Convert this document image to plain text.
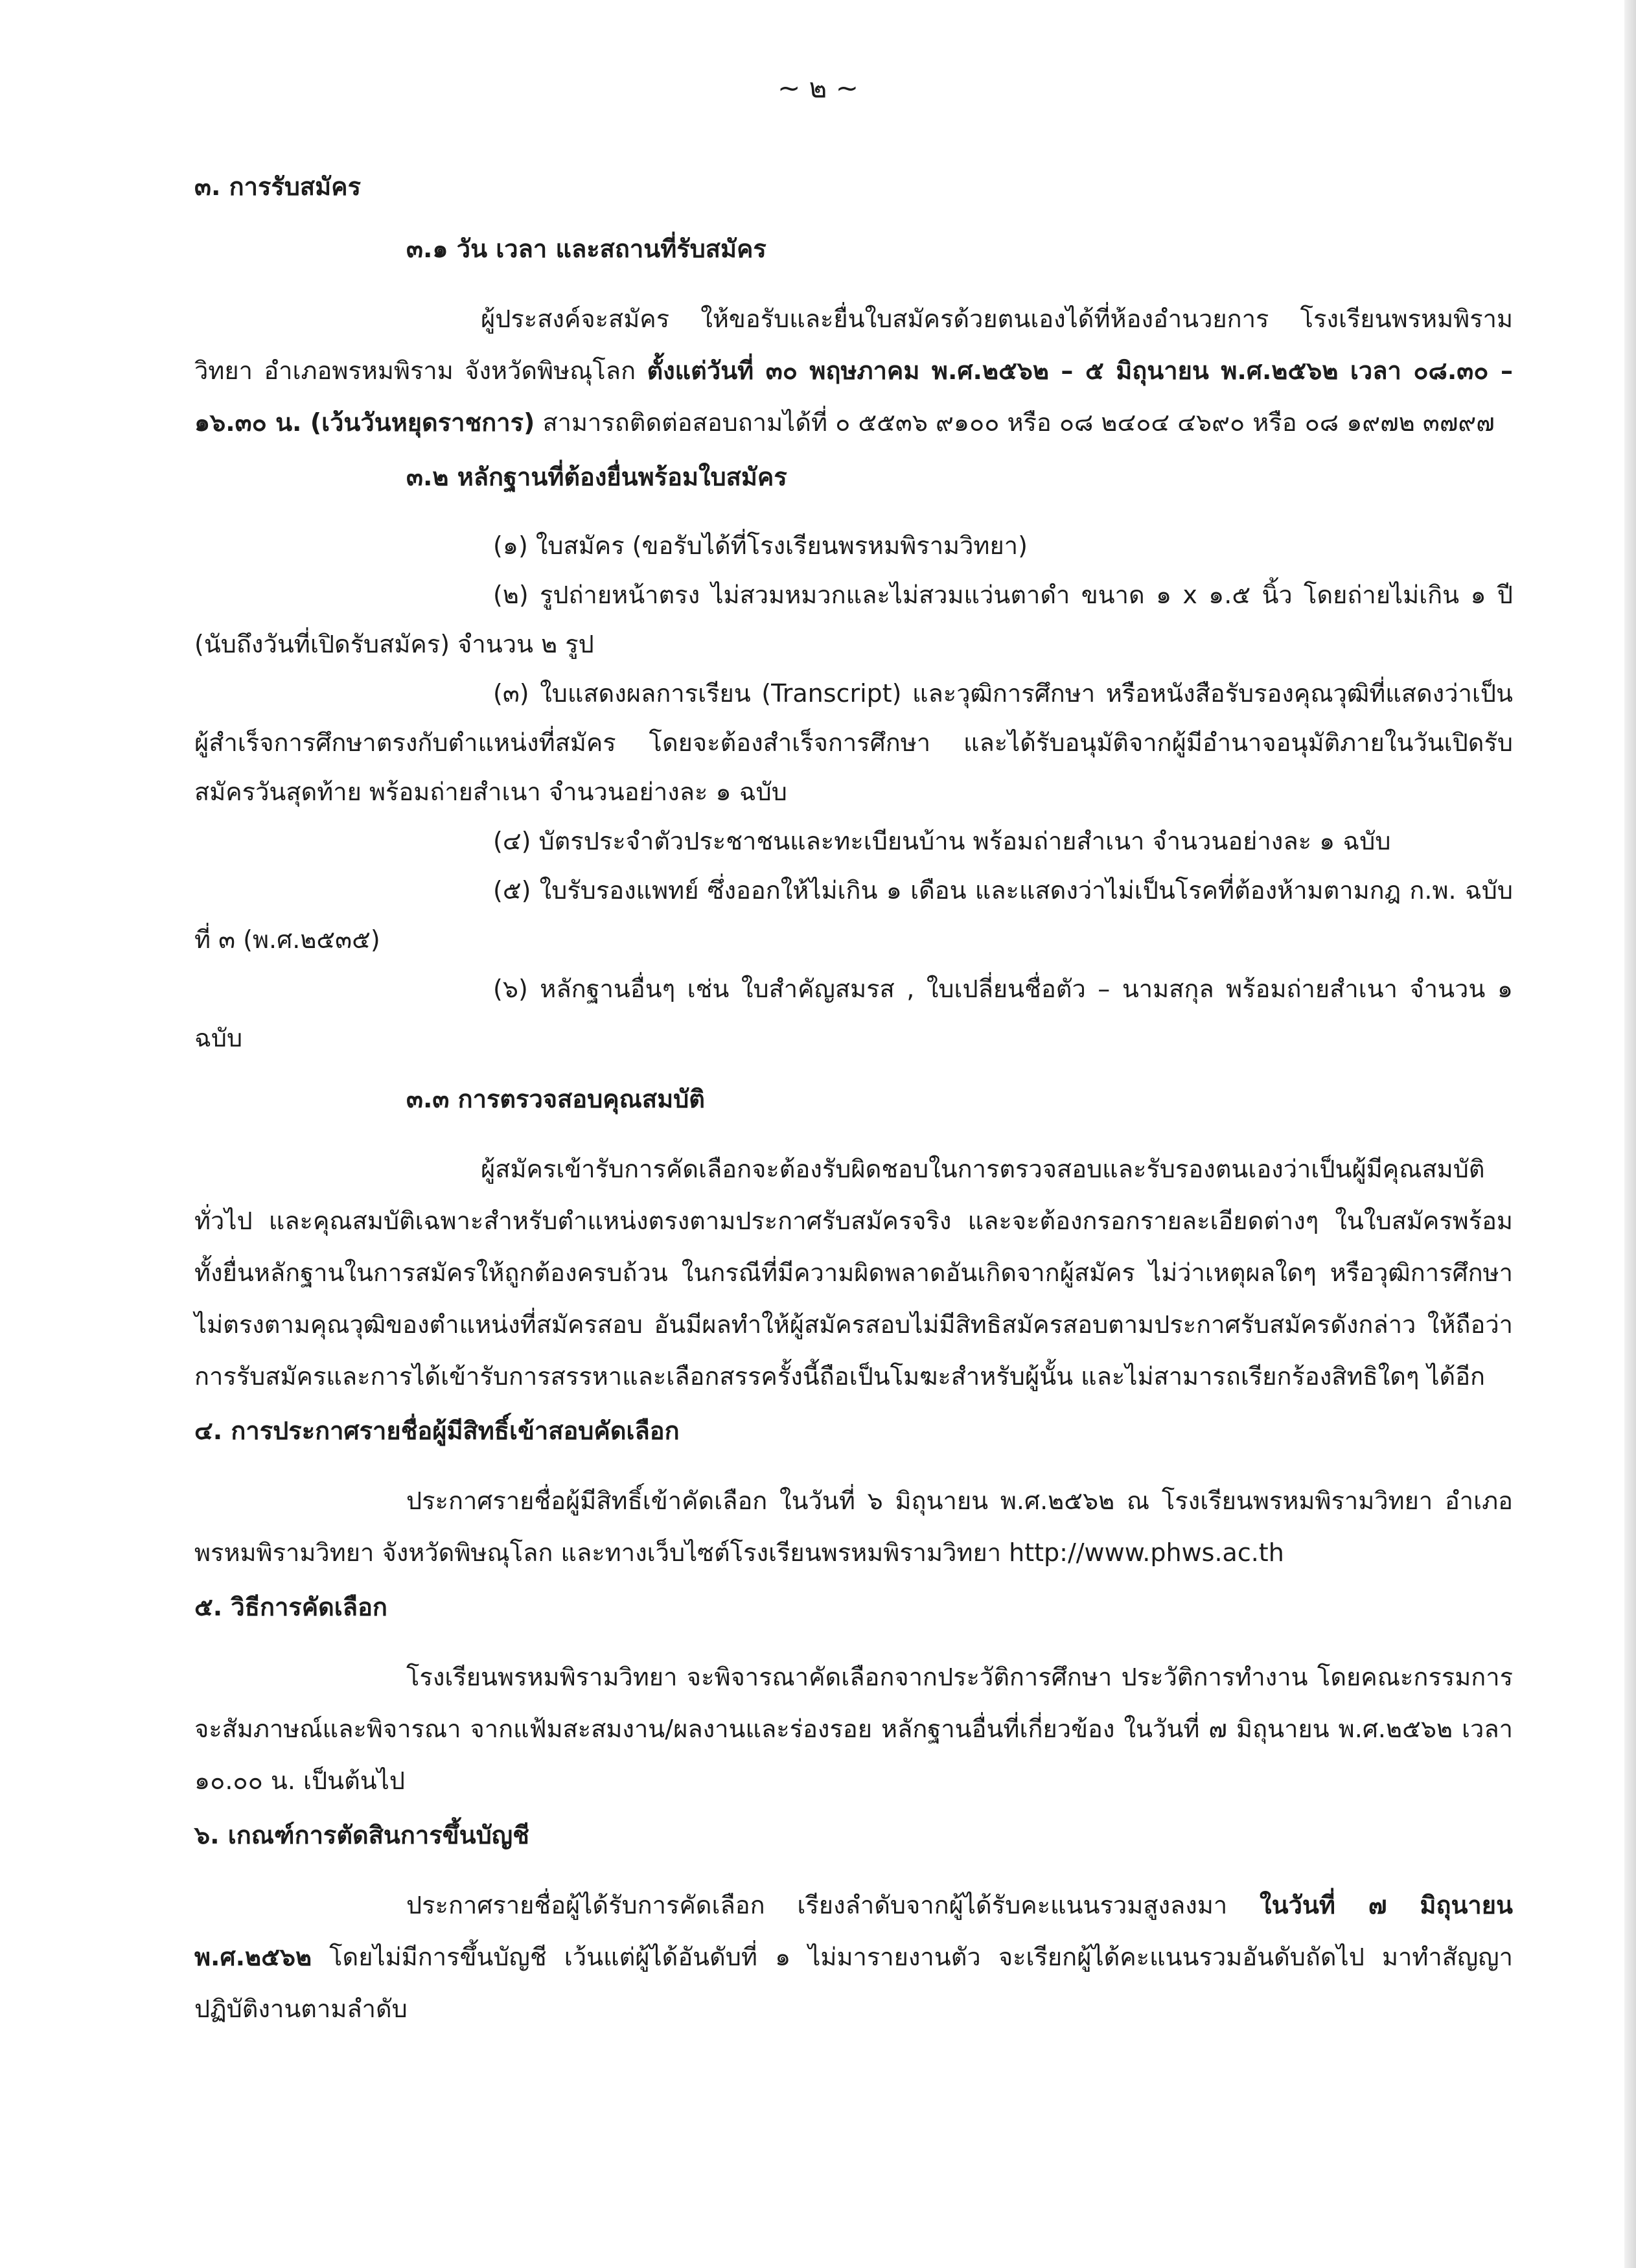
~ ๒ ~
๓. การรับสมัคร
๓.๑ วัน เวลา และสถานที่รับสมัคร

ผู้ประสงค์จะสมัคร ให้ขอรับและยื่นใบสมัครด้วยตนเองได้ที่ห้องอำนวยการ โรงเรียนพรหมพิรามวิทยา อำเภอพรหมพิราม จังหวัดพิษณุโลก ตั้งแต่วันที่ ๓๐ พฤษภาคม พ.ศ.๒๕๖๒ – ๕ มิถุนายน พ.ศ.๒๕๖๒ เวลา ๐๘.๓๐ – ๑๖.๓๐ น. (เว้นวันหยุดราชการ) สามารถติดต่อสอบถามได้ที่ ๐ ๕๕๓๖ ๙๑๐๐ หรือ ๐๘ ๒๔๐๔ ๔๖๙๐ หรือ ๐๘ ๑๙๗๒ ๓๗๙๗

๓.๒ หลักฐานที่ต้องยื่นพร้อมใบสมัคร

(๑) ใบสมัคร (ขอรับได้ที่โรงเรียนพรหมพิรามวิทยา)

(๒) รูปถ่ายหน้าตรง ไม่สวมหมวกและไม่สวมแว่นตาดำ ขนาด ๑ x ๑.๕ นิ้ว โดยถ่ายไม่เกิน ๑ ปี (นับถึงวันที่เปิดรับสมัคร) จำนวน ๒ รูป

(๓) ใบแสดงผลการเรียน (Transcript) และวุฒิการศึกษา หรือหนังสือรับรองคุณวุฒิที่แสดงว่าเป็นผู้สำเร็จการศึกษาตรงกับตำแหน่งที่สมัคร โดยจะต้องสำเร็จการศึกษา และได้รับอนุมัติจากผู้มีอำนาจอนุมัติภายในวันเปิดรับสมัครวันสุดท้าย พร้อมถ่ายสำเนา จำนวนอย่างละ ๑ ฉบับ

(๔) บัตรประจำตัวประชาชนและทะเบียนบ้าน พร้อมถ่ายสำเนา จำนวนอย่างละ ๑ ฉบับ

(๕) ใบรับรองแพทย์ ซึ่งออกให้ไม่เกิน ๑ เดือน และแสดงว่าไม่เป็นโรคที่ต้องห้ามตามกฎ ก.พ. ฉบับที่ ๓ (พ.ศ.๒๕๓๕)

(๖) หลักฐานอื่นๆ เช่น ใบสำคัญสมรส , ใบเปลี่ยนชื่อตัว – นามสกุล พร้อมถ่ายสำเนา จำนวน ๑ ฉบับ

๓.๓ การตรวจสอบคุณสมบัติ

ผู้สมัครเข้ารับการคัดเลือกจะต้องรับผิดชอบในการตรวจสอบและรับรองตนเองว่าเป็นผู้มีคุณสมบัติทั่วไป และคุณสมบัติเฉพาะสำหรับตำแหน่งตรงตามประกาศรับสมัครจริง และจะต้องกรอกรายละเอียดต่างๆ ในใบสมัครพร้อมทั้งยื่นหลักฐานในการสมัครให้ถูกต้องครบถ้วน ในกรณีที่มีความผิดพลาดอันเกิดจากผู้สมัคร ไม่ว่าเหตุผลใดๆ หรือวุฒิการศึกษาไม่ตรงตามคุณวุฒิของตำแหน่งที่สมัครสอบ อันมีผลทำให้ผู้สมัครสอบไม่มีสิทธิสมัครสอบตามประกาศรับสมัครดังกล่าว ให้ถือว่าการรับสมัครและการได้เข้ารับการสรรหาและเลือกสรรครั้งนี้ถือเป็นโมฆะสำหรับผู้นั้น และไม่สามารถเรียกร้องสิทธิใดๆ ได้อีก

๔. การประกาศรายชื่อผู้มีสิทธิ์เข้าสอบคัดเลือก

ประกาศรายชื่อผู้มีสิทธิ์เข้าคัดเลือก ในวันที่ ๖ มิถุนายน พ.ศ.๒๕๖๒ ณ โรงเรียนพรหมพิรามวิทยา อำเภอพรหมพิรามวิทยา จังหวัดพิษณุโลก และทางเว็บไซต์โรงเรียนพรหมพิรามวิทยา http://www.phws.ac.th

๕. วิธีการคัดเลือก

โรงเรียนพรหมพิรามวิทยา จะพิจารณาคัดเลือกจากประวัติการศึกษา ประวัติการทำงาน โดยคณะกรรมการจะสัมภาษณ์และพิจารณา จากแฟ้มสะสมงาน/ผลงานและร่องรอย หลักฐานอื่นที่เกี่ยวข้อง ในวันที่ ๗ มิถุนายน พ.ศ.๒๕๖๒ เวลา ๑๐.๐๐ น. เป็นต้นไป

๖. เกณฑ์การตัดสินการขึ้นบัญชี

ประกาศรายชื่อผู้ได้รับการคัดเลือก เรียงลำดับจากผู้ได้รับคะแนนรวมสูงลงมา ในวันที่ ๗ มิถุนายน พ.ศ.๒๕๖๒ โดยไม่มีการขึ้นบัญชี เว้นแต่ผู้ได้อันดับที่ ๑ ไม่มารายงานตัว จะเรียกผู้ได้คะแนนรวมอันดับถัดไป มาทำสัญญาปฏิบัติงานตามลำดับ
